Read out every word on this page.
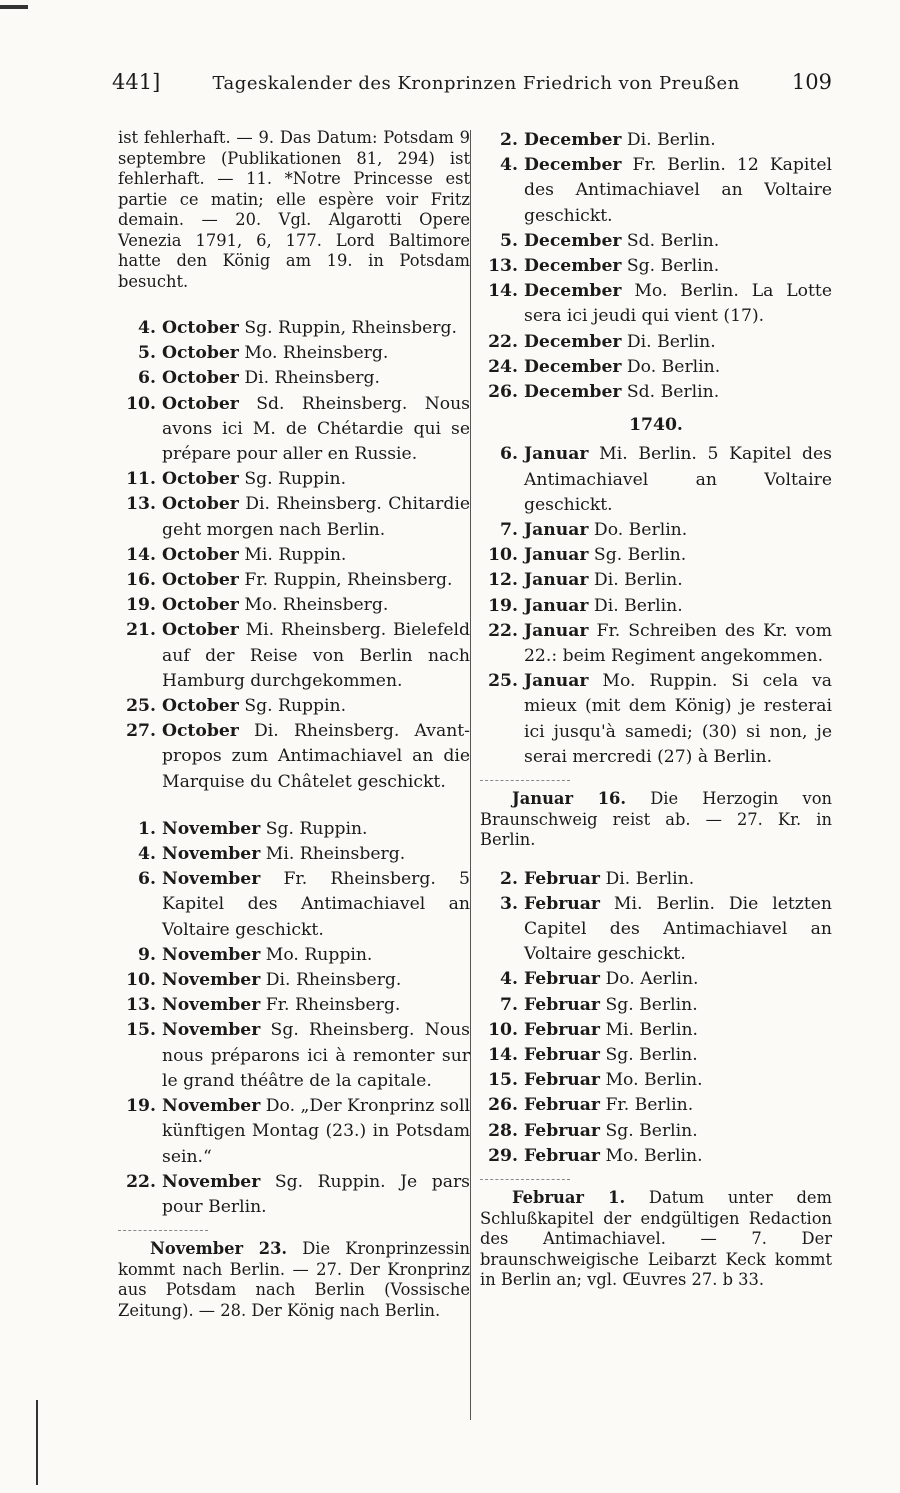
441]	Tageskalender des Kronprinzen Friedrich von Preußen 109
ist fehlerhaft. — 9. Das Datum: Potsdam 9 septembre (Publikationen 81, 294) ist fehlerhaft. — 11. *Notre Princesse est partie ce matin; elle espère voir Fritz demain. — 20. Vgl. Algarotti Opere Venezia 1791, 6, 177. Lord Baltimore hatte den König am 19. in Potsdam besucht.
4. October Sg. Ruppin, Rheinsberg.
5. October Mo. Rheinsberg.
6. October Di. Rheinsberg.
10. October Sd. Rheinsberg. Nous avons ici M. de Chétardie qui se prépare pour aller en Russie.
11. October Sg. Ruppin.
13. October Di. Rheinsberg. Chitardie geht morgen nach Berlin.
14. October Mi. Ruppin.
16. October Fr. Ruppin, Rheinsberg.
19. October Mo. Rheinsberg.
21. October Mi. Rheinsberg. Bielefeld auf der Reise von Berlin nach Hamburg durchgekommen.
25. October Sg. Ruppin.
27. October Di. Rheinsberg. Avant-propos zum Antimachiavel an die Marquise du Châtelet geschickt.
1. November Sg. Ruppin.
4. November Mi. Rheinsberg.
6. November Fr. Rheinsberg. 5 Kapitel des Antimachiavel an Voltaire geschickt.
9. November Mo. Ruppin.
10. November Di. Rheinsberg.
13. November Fr. Rheinsberg.
15. November Sg. Rheinsberg. Nous nous préparons ici à remonter sur le grand théâtre de la capitale.
19. November Do. „Der Kronprinz soll künftigen Montag (23.) in Potsdam sein.“
22. November Sg. Ruppin. Je pars pour Berlin.
November 23. Die Kronprinzessin kommt nach Berlin. — 27. Der Kronprinz aus Potsdam nach Berlin (Vossische Zeitung). — 28. Der König nach Berlin.
2. December Di. Berlin.
4. December Fr. Berlin. 12 Kapitel des Antimachiavel an Voltaire geschickt.
5. December Sd. Berlin.
13. December Sg. Berlin.
14. December Mo. Berlin. La Lotte sera ici jeudi qui vient (17).
22. December Di. Berlin.
24. December Do. Berlin.
26. December Sd. Berlin.
1740.
6. Januar Mi. Berlin. 5 Kapitel des Antimachiavel an Voltaire geschickt.
7. Januar Do. Berlin.
10. Januar Sg. Berlin.
12. Januar Di. Berlin.
19. Januar Di. Berlin.
22. Januar Fr. Schreiben des Kr. vom 22.: beim Regiment angekommen.
25. Januar Mo. Ruppin. Si cela va mieux (mit dem König) je resterai ici jusqu'à samedi; (30) si non, je serai mercredi (27) à Berlin.
Januar 16. Die Herzogin von Braunschweig reist ab. — 27. Kr. in Berlin.
2. Februar Di. Berlin.
3. Februar Mi. Berlin. Die letzten Capitel des Antimachiavel an Voltaire geschickt.
4. Februar Do. Aerlin.
7. Februar Sg. Berlin.
10. Februar Mi. Berlin.
14. Februar Sg. Berlin.
15. Februar Mo. Berlin.
26. Februar Fr. Berlin.
28. Februar Sg. Berlin.
29. Februar Mo. Berlin.
Februar 1. Datum unter dem Schlußkapitel der endgültigen Redaction des Antimachiavel. — 7. Der braunschweigische Leibarzt Keck kommt in Berlin an; vgl. Œuvres 27. b 33.
